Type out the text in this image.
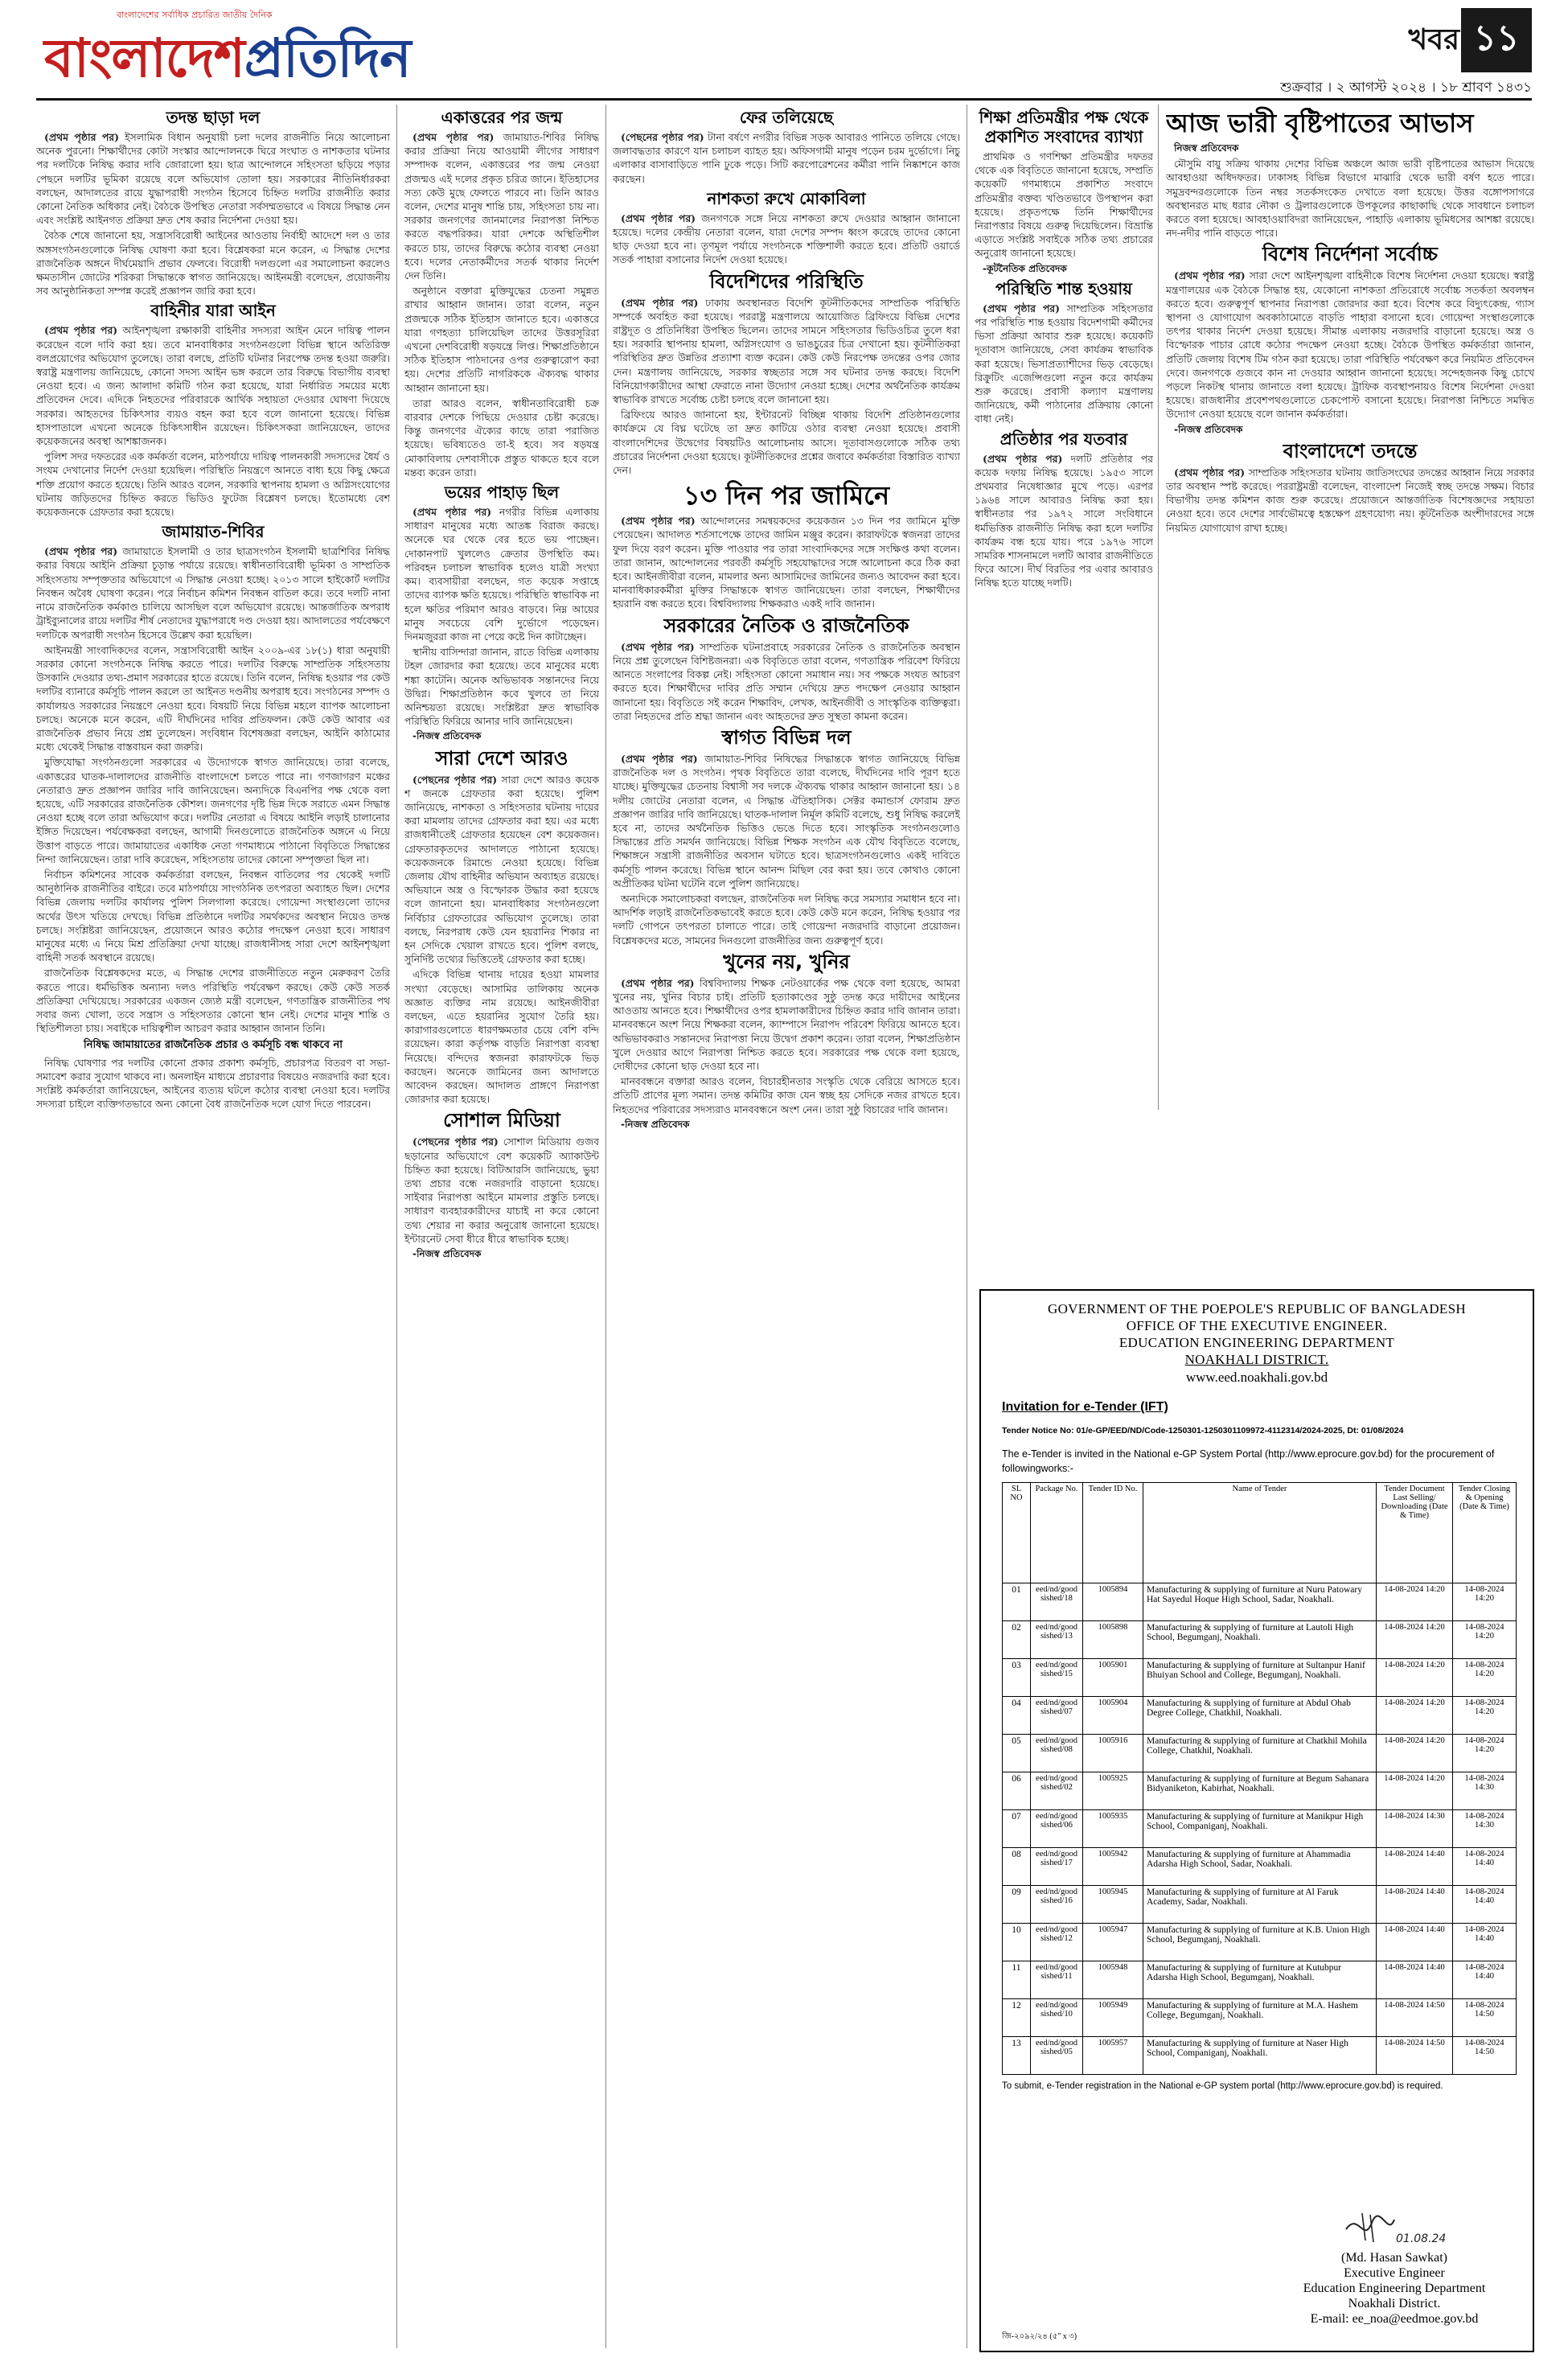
বাংলাদেশের সর্বাধিক প্রচারিত জাতীয় দৈনিক
বাংলাদেশপ্রতিদিন	খবর ১১
শুক্রবার । ২ আগস্ট ২০২৪ । ১৮ শ্রাবণ ১৪৩১
তদন্ত ছাড়া দল

(প্রথম পৃষ্ঠার পর) ইসলামিক বিধান অনুযায়ী চলা দলের রাজনীতি নিয়ে আলোচনা অনেক পুরনো। শিক্ষার্থীদের কোটা সংস্কার আন্দোলনকে ঘিরে সংঘাত ও নাশকতার ঘটনার পর দলটিকে নিষিদ্ধ করার দাবি জোরালো হয়। ছাত্র আন্দোলনে সহিংসতা ছড়িয়ে পড়ার পেছনে দলটির ভূমিকা রয়েছে বলে অভিযোগ তোলা হয়। সরকারের নীতিনির্ধারকরা বলছেন, আদালতের রায়ে যুদ্ধাপরাধী সংগঠন হিসেবে চিহ্নিত দলটির রাজনীতি করার কোনো নৈতিক অধিকার নেই। বৈঠকে উপস্থিত নেতারা সর্বসম্মতভাবে এ বিষয়ে সিদ্ধান্ত নেন এবং সংশ্লিষ্ট আইনগত প্রক্রিয়া দ্রুত শেষ করার নির্দেশনা দেওয়া হয়।

বৈঠক শেষে জানানো হয়, সন্ত্রাসবিরোধী আইনের আওতায় নির্বাহী আদেশে দল ও তার অঙ্গসংগঠনগুলোকে নিষিদ্ধ ঘোষণা করা হবে। বিশ্লেষকরা মনে করেন, এ সিদ্ধান্ত দেশের রাজনৈতিক অঙ্গনে দীর্ঘমেয়াদি প্রভাব ফেলবে। বিরোধী দলগুলো এর সমালোচনা করলেও ক্ষমতাসীন জোটের শরিকরা সিদ্ধান্তকে স্বাগত জানিয়েছে। আইনমন্ত্রী বলেছেন, প্রয়োজনীয় সব আনুষ্ঠানিকতা সম্পন্ন করেই প্রজ্ঞাপন জারি করা হবে।

বাহিনীর যারা আইন

(প্রথম পৃষ্ঠার পর) আইনশৃঙ্খলা রক্ষাকারী বাহিনীর সদস্যরা আইন মেনে দায়িত্ব পালন করেছেন বলে দাবি করা হয়। তবে মানবাধিকার সংগঠনগুলো বিভিন্ন স্থানে অতিরিক্ত বলপ্রয়োগের অভিযোগ তুলেছে। তারা বলছে, প্রতিটি ঘটনার নিরপেক্ষ তদন্ত হওয়া জরুরি। স্বরাষ্ট্র মন্ত্রণালয় জানিয়েছে, কোনো সদস্য আইন ভঙ্গ করলে তার বিরুদ্ধে বিভাগীয় ব্যবস্থা নেওয়া হবে। এ জন্য আলাদা কমিটি গঠন করা হয়েছে, যারা নির্ধারিত সময়ের মধ্যে প্রতিবেদন দেবে। এদিকে নিহতদের পরিবারকে আর্থিক সহায়তা দেওয়ার ঘোষণা দিয়েছে সরকার। আহতদের চিকিৎসার ব্যয়ও বহন করা হবে বলে জানানো হয়েছে। বিভিন্ন হাসপাতালে এখনো অনেকে চিকিৎসাধীন রয়েছেন। চিকিৎসকরা জানিয়েছেন, তাদের কয়েকজনের অবস্থা আশঙ্কাজনক।

পুলিশ সদর দফতরের এক কর্মকর্তা বলেন, মাঠপর্যায়ে দায়িত্ব পালনকারী সদস্যদের ধৈর্য ও সংযম দেখানোর নির্দেশ দেওয়া হয়েছিল। পরিস্থিতি নিয়ন্ত্রণে আনতে বাধ্য হয়ে কিছু ক্ষেত্রে শক্তি প্রয়োগ করতে হয়েছে। তিনি আরও বলেন, সরকারি স্থাপনায় হামলা ও অগ্নিসংযোগের ঘটনায় জড়িতদের চিহ্নিত করতে ভিডিও ফুটেজ বিশ্লেষণ চলছে। ইতোমধ্যে বেশ কয়েকজনকে গ্রেফতার করা হয়েছে।

জামায়াত-শিবির

(প্রথম পৃষ্ঠার পর) জামায়াতে ইসলামী ও তার ছাত্রসংগঠন ইসলামী ছাত্রশিবির নিষিদ্ধ করার বিষয়ে আইনি প্রক্রিয়া চূড়ান্ত পর্যায়ে রয়েছে। স্বাধীনতাবিরোধী ভূমিকা ও সাম্প্রতিক সহিংসতায় সম্পৃক্ততার অভিযোগে এ সিদ্ধান্ত নেওয়া হচ্ছে। ২০১৩ সালে হাইকোর্ট দলটির নিবন্ধন অবৈধ ঘোষণা করেন। পরে নির্বাচন কমিশন নিবন্ধন বাতিল করে। তবে দলটি নানা নামে রাজনৈতিক কর্মকাণ্ড চালিয়ে আসছিল বলে অভিযোগ রয়েছে। আন্তর্জাতিক অপরাধ ট্রাইব্যুনালের রায়ে দলটির শীর্ষ নেতাদের যুদ্ধাপরাধে দণ্ড দেওয়া হয়। আদালতের পর্যবেক্ষণে দলটিকে অপরাধী সংগঠন হিসেবে উল্লেখ করা হয়েছিল।

আইনমন্ত্রী সাংবাদিকদের বলেন, সন্ত্রাসবিরোধী আইন ২০০৯-এর ১৮(১) ধারা অনুযায়ী সরকার কোনো সংগঠনকে নিষিদ্ধ করতে পারে। দলটির বিরুদ্ধে সাম্প্রতিক সহিংসতায় উসকানি দেওয়ার তথ্য-প্রমাণ সরকারের হাতে রয়েছে। তিনি বলেন, নিষিদ্ধ হওয়ার পর কেউ দলটির ব্যানারে কর্মসূচি পালন করলে তা আইনত দণ্ডনীয় অপরাধ হবে। সংগঠনের সম্পদ ও কার্যালয়ও সরকারের নিয়ন্ত্রণে নেওয়া হবে। বিষয়টি নিয়ে বিভিন্ন মহলে ব্যাপক আলোচনা চলছে। অনেকে মনে করেন, এটি দীর্ঘদিনের দাবির প্রতিফলন। কেউ কেউ আবার এর রাজনৈতিক প্রভাব নিয়ে প্রশ্ন তুলেছেন। সংবিধান বিশেষজ্ঞরা বলছেন, আইনি কাঠামোর মধ্যে থেকেই সিদ্ধান্ত বাস্তবায়ন করা জরুরি।

মুক্তিযোদ্ধা সংগঠনগুলো সরকারের এ উদ্যোগকে স্বাগত জানিয়েছে। তারা বলেছে, একাত্তরের ঘাতক-দালালদের রাজনীতি বাংলাদেশে চলতে পারে না। গণজাগরণ মঞ্চের নেতারাও দ্রুত প্রজ্ঞাপন জারির দাবি জানিয়েছেন। অন্যদিকে বিএনপির পক্ষ থেকে বলা হয়েছে, এটি সরকারের রাজনৈতিক কৌশল। জনগণের দৃষ্টি ভিন্ন দিকে সরাতে এমন সিদ্ধান্ত নেওয়া হচ্ছে বলে তারা অভিযোগ করে। দলটির নেতারা এ বিষয়ে আইনি লড়াই চালানোর ইঙ্গিত দিয়েছেন। পর্যবেক্ষকরা বলছেন, আগামী দিনগুলোতে রাজনৈতিক অঙ্গনে এ নিয়ে উত্তাপ বাড়তে পারে। জামায়াতের একাধিক নেতা গণমাধ্যমে পাঠানো বিবৃতিতে সিদ্ধান্তের নিন্দা জানিয়েছেন। তারা দাবি করেছেন, সহিংসতায় তাদের কোনো সম্পৃক্ততা ছিল না।

নির্বাচন কমিশনের সাবেক কর্মকর্তারা বলছেন, নিবন্ধন বাতিলের পর থেকেই দলটি আনুষ্ঠানিক রাজনীতির বাইরে। তবে মাঠপর্যায়ে সাংগঠনিক তৎপরতা অব্যাহত ছিল। দেশের বিভিন্ন জেলায় দলটির কার্যালয় পুলিশ সিলগালা করেছে। গোয়েন্দা সংস্থাগুলো তাদের অর্থের উৎস খতিয়ে দেখছে। বিভিন্ন প্রতিষ্ঠানে দলটির সমর্থকদের অবস্থান নিয়েও তদন্ত চলছে। সংশ্লিষ্টরা জানিয়েছেন, প্রয়োজনে আরও কঠোর পদক্ষেপ নেওয়া হবে। সাধারণ মানুষের মধ্যে এ নিয়ে মিশ্র প্রতিক্রিয়া দেখা যাচ্ছে। রাজধানীসহ সারা দেশে আইনশৃঙ্খলা বাহিনী সতর্ক অবস্থানে রয়েছে।

রাজনৈতিক বিশ্লেষকদের মতে, এ সিদ্ধান্ত দেশের রাজনীতিতে নতুন মেরুকরণ তৈরি করতে পারে। ধর্মভিত্তিক অন্যান্য দলও পরিস্থিতি পর্যবেক্ষণ করছে। কেউ কেউ সতর্ক প্রতিক্রিয়া দেখিয়েছে। সরকারের একজন জ্যেষ্ঠ মন্ত্রী বলেছেন, গণতান্ত্রিক রাজনীতির পথ সবার জন্য খোলা, তবে সন্ত্রাস ও সহিংসতার কোনো স্থান নেই। দেশের মানুষ শান্তি ও স্থিতিশীলতা চায়। সবাইকে দায়িত্বশীল আচরণ করার আহ্বান জানান তিনি।

নিষিদ্ধ জামায়াতের রাজনৈতিক প্রচার ও কর্মসূচি বন্ধ থাকবে না

নিষিদ্ধ ঘোষণার পর দলটির কোনো প্রকার প্রকাশ্য কর্মসূচি, প্রচারপত্র বিতরণ বা সভা-সমাবেশ করার সুযোগ থাকবে না। অনলাইন মাধ্যমে প্রচারণার বিষয়েও নজরদারি করা হবে। সংশ্লিষ্ট কর্মকর্তারা জানিয়েছেন, আইনের ব্যত্যয় ঘটলে কঠোর ব্যবস্থা নেওয়া হবে। দলটির সদস্যরা চাইলে ব্যক্তিগতভাবে অন্য কোনো বৈধ রাজনৈতিক দলে যোগ দিতে পারবেন।

একাত্তরের পর জন্ম

(প্রথম পৃষ্ঠার পর) জামায়াত-শিবির নিষিদ্ধ করার প্রক্রিয়া নিয়ে আওয়ামী লীগের সাধারণ সম্পাদক বলেন, একাত্তরের পর জন্ম নেওয়া প্রজন্মও এই দলের প্রকৃত চরিত্র জানে। ইতিহাসের সত্য কেউ মুছে ফেলতে পারবে না। তিনি আরও বলেন, দেশের মানুষ শান্তি চায়, সহিংসতা চায় না। সরকার জনগণের জানমালের নিরাপত্তা নিশ্চিত করতে বদ্ধপরিকর। যারা দেশকে অস্থিতিশীল করতে চায়, তাদের বিরুদ্ধে কঠোর ব্যবস্থা নেওয়া হবে। দলের নেতাকর্মীদের সতর্ক থাকার নির্দেশ দেন তিনি।

অনুষ্ঠানে বক্তারা মুক্তিযুদ্ধের চেতনা সমুন্নত রাখার আহ্বান জানান। তারা বলেন, নতুন প্রজন্মকে সঠিক ইতিহাস জানাতে হবে। একাত্তরে যারা গণহত্যা চালিয়েছিল তাদের উত্তরসূরিরা এখনো দেশবিরোধী ষড়যন্ত্রে লিপ্ত। শিক্ষাপ্রতিষ্ঠানে সঠিক ইতিহাস পাঠদানের ওপর গুরুত্বারোপ করা হয়। দেশের প্রতিটি নাগরিককে ঐক্যবদ্ধ থাকার আহ্বান জানানো হয়।

তারা আরও বলেন, স্বাধীনতাবিরোধী চক্র বারবার দেশকে পিছিয়ে দেওয়ার চেষ্টা করেছে। কিন্তু জনগণের ঐক্যের কাছে তারা পরাজিত হয়েছে। ভবিষ্যতেও তা-ই হবে। সব ষড়যন্ত্র মোকাবিলায় দেশবাসীকে প্রস্তুত থাকতে হবে বলে মন্তব্য করেন তারা।

ভয়ের পাহাড় ছিল

(প্রথম পৃষ্ঠার পর) নগরীর বিভিন্ন এলাকায় সাধারণ মানুষের মধ্যে আতঙ্ক বিরাজ করছে। অনেকে ঘর থেকে বের হতে ভয় পাচ্ছেন। দোকানপাট খুললেও ক্রেতার উপস্থিতি কম। পরিবহন চলাচল স্বাভাবিক হলেও যাত্রী সংখ্যা কম। ব্যবসায়ীরা বলছেন, গত কয়েক সপ্তাহে তাদের ব্যাপক ক্ষতি হয়েছে। পরিস্থিতি স্বাভাবিক না হলে ক্ষতির পরিমাণ আরও বাড়বে। নিম্ন আয়ের মানুষ সবচেয়ে বেশি দুর্ভোগে পড়েছেন। দিনমজুররা কাজ না পেয়ে কষ্টে দিন কাটাচ্ছেন।

স্থানীয় বাসিন্দারা জানান, রাতে বিভিন্ন এলাকায় টহল জোরদার করা হয়েছে। তবে মানুষের মধ্যে শঙ্কা কাটেনি। অনেক অভিভাবক সন্তানদের নিয়ে উদ্বিগ্ন। শিক্ষাপ্রতিষ্ঠান কবে খুলবে তা নিয়ে অনিশ্চয়তা রয়েছে। সংশ্লিষ্টরা দ্রুত স্বাভাবিক পরিস্থিতি ফিরিয়ে আনার দাবি জানিয়েছেন।

-নিজস্ব প্রতিবেদক

সারা দেশে আরও

(পেছনের পৃষ্ঠার পর) সারা দেশে আরও কয়েক শ জনকে গ্রেফতার করা হয়েছে। পুলিশ জানিয়েছে, নাশকতা ও সহিংসতার ঘটনায় দায়ের করা মামলায় তাদের গ্রেফতার করা হয়। এর মধ্যে রাজধানীতেই গ্রেফতার হয়েছেন বেশ কয়েকজন। গ্রেফতারকৃতদের আদালতে পাঠানো হয়েছে। কয়েকজনকে রিমান্ডে নেওয়া হয়েছে। বিভিন্ন জেলায় যৌথ বাহিনীর অভিযান অব্যাহত রয়েছে। অভিযানে অস্ত্র ও বিস্ফোরক উদ্ধার করা হয়েছে বলে জানানো হয়। মানবাধিকার সংগঠনগুলো নির্বিচার গ্রেফতারের অভিযোগ তুলেছে। তারা বলছে, নিরপরাধ কেউ যেন হয়রানির শিকার না হন সেদিকে খেয়াল রাখতে হবে। পুলিশ বলছে, সুনির্দিষ্ট তথ্যের ভিত্তিতেই গ্রেফতার করা হচ্ছে।

এদিকে বিভিন্ন থানায় দায়ের হওয়া মামলার সংখ্যা বেড়েছে। আসামির তালিকায় অনেক অজ্ঞাত ব্যক্তির নাম রয়েছে। আইনজীবীরা বলছেন, এতে হয়রানির সুযোগ তৈরি হয়। কারাগারগুলোতে ধারণক্ষমতার চেয়ে বেশি বন্দি রয়েছেন। কারা কর্তৃপক্ষ বাড়তি নিরাপত্তা ব্যবস্থা নিয়েছে। বন্দিদের স্বজনরা কারাফটকে ভিড় করছেন। অনেকে জামিনের জন্য আদালতে আবেদন করছেন। আদালত প্রাঙ্গণে নিরাপত্তা জোরদার করা হয়েছে।

সোশাল মিডিয়া

(পেছনের পৃষ্ঠার পর) সোশাল মিডিয়ায় গুজব ছড়ানোর অভিযোগে বেশ কয়েকটি অ্যাকাউন্ট চিহ্নিত করা হয়েছে। বিটিআরসি জানিয়েছে, ভুয়া তথ্য প্রচার বন্ধে নজরদারি বাড়ানো হয়েছে। সাইবার নিরাপত্তা আইনে মামলার প্রস্তুতি চলছে। সাধারণ ব্যবহারকারীদের যাচাই না করে কোনো তথ্য শেয়ার না করার অনুরোধ জানানো হয়েছে। ইন্টারনেট সেবা ধীরে ধীরে স্বাভাবিক হচ্ছে।

-নিজস্ব প্রতিবেদক

ফের তলিয়েছে

(পেছনের পৃষ্ঠার পর) টানা বর্ষণে নগরীর বিভিন্ন সড়ক আবারও পানিতে তলিয়ে গেছে। জলাবদ্ধতার কারণে যান চলাচল ব্যাহত হয়। অফিসগামী মানুষ পড়েন চরম দুর্ভোগে। নিচু এলাকার বাসাবাড়িতে পানি ঢুকে পড়ে। সিটি করপোরেশনের কর্মীরা পানি নিষ্কাশনে কাজ করছেন।

নাশকতা রুখে মোকাবিলা

(প্রথম পৃষ্ঠার পর) জনগণকে সঙ্গে নিয়ে নাশকতা রুখে দেওয়ার আহ্বান জানানো হয়েছে। দলের কেন্দ্রীয় নেতারা বলেন, যারা দেশের সম্পদ ধ্বংস করেছে তাদের কোনো ছাড় দেওয়া হবে না। তৃণমূল পর্যায়ে সংগঠনকে শক্তিশালী করতে হবে। প্রতিটি ওয়ার্ডে সতর্ক পাহারা বসানোর নির্দেশ দেওয়া হয়েছে।

বিদেশিদের পরিস্থিতি

(প্রথম পৃষ্ঠার পর) ঢাকায় অবস্থানরত বিদেশি কূটনীতিকদের সাম্প্রতিক পরিস্থিতি সম্পর্কে অবহিত করা হয়েছে। পররাষ্ট্র মন্ত্রণালয়ে আয়োজিত ব্রিফিংয়ে বিভিন্ন দেশের রাষ্ট্রদূত ও প্রতিনিধিরা উপস্থিত ছিলেন। তাদের সামনে সহিংসতার ভিডিওচিত্র তুলে ধরা হয়। সরকারি স্থাপনায় হামলা, অগ্নিসংযোগ ও ভাঙচুরের চিত্র দেখানো হয়। কূটনীতিকরা পরিস্থিতির দ্রুত উন্নতির প্রত্যাশা ব্যক্ত করেন। কেউ কেউ নিরপেক্ষ তদন্তের ওপর জোর দেন। মন্ত্রণালয় জানিয়েছে, সরকার স্বচ্ছতার সঙ্গে সব ঘটনার তদন্ত করছে। বিদেশি বিনিয়োগকারীদের আস্থা ফেরাতে নানা উদ্যোগ নেওয়া হচ্ছে। দেশের অর্থনৈতিক কার্যক্রম স্বাভাবিক রাখতে সর্বোচ্চ চেষ্টা চলছে বলে জানানো হয়।

ব্রিফিংয়ে আরও জানানো হয়, ইন্টারনেট বিচ্ছিন্ন থাকায় বিদেশি প্রতিষ্ঠানগুলোর কার্যক্রমে যে বিঘ্ন ঘটেছে তা দ্রুত কাটিয়ে ওঠার ব্যবস্থা নেওয়া হয়েছে। প্রবাসী বাংলাদেশিদের উদ্বেগের বিষয়টিও আলোচনায় আসে। দূতাবাসগুলোকে সঠিক তথ্য প্রচারের নির্দেশনা দেওয়া হয়েছে। কূটনীতিকদের প্রশ্নের জবাবে কর্মকর্তারা বিস্তারিত ব্যাখ্যা দেন।

১৩ দিন পর জামিনে

(প্রথম পৃষ্ঠার পর) আন্দোলনের সমন্বয়কদের কয়েকজন ১৩ দিন পর জামিনে মুক্তি পেয়েছেন। আদালত শর্তসাপেক্ষে তাদের জামিন মঞ্জুর করেন। কারাফটকে স্বজনরা তাদের ফুল দিয়ে বরণ করেন। মুক্তি পাওয়ার পর তারা সাংবাদিকদের সঙ্গে সংক্ষিপ্ত কথা বলেন। তারা জানান, আন্দোলনের পরবর্তী কর্মসূচি সহযোদ্ধাদের সঙ্গে আলোচনা করে ঠিক করা হবে। আইনজীবীরা বলেন, মামলার অন্য আসামিদের জামিনের জন্যও আবেদন করা হবে। মানবাধিকারকর্মীরা মুক্তির সিদ্ধান্তকে স্বাগত জানিয়েছেন। তারা বলছেন, শিক্ষার্থীদের হয়রানি বন্ধ করতে হবে। বিশ্ববিদ্যালয় শিক্ষকরাও একই দাবি জানান।

সরকারের নৈতিক ও রাজনৈতিক

(প্রথম পৃষ্ঠার পর) সাম্প্রতিক ঘটনাপ্রবাহে সরকারের নৈতিক ও রাজনৈতিক অবস্থান নিয়ে প্রশ্ন তুলেছেন বিশিষ্টজনরা। এক বিবৃতিতে তারা বলেন, গণতান্ত্রিক পরিবেশ ফিরিয়ে আনতে সংলাপের বিকল্প নেই। সহিংসতা কোনো সমাধান নয়। সব পক্ষকে সংযত আচরণ করতে হবে। শিক্ষার্থীদের দাবির প্রতি সম্মান দেখিয়ে দ্রুত পদক্ষেপ নেওয়ার আহ্বান জানানো হয়। বিবৃতিতে সই করেন শিক্ষাবিদ, লেখক, আইনজীবী ও সাংস্কৃতিক ব্যক্তিত্বরা। তারা নিহতদের প্রতি শ্রদ্ধা জানান এবং আহতদের দ্রুত সুস্থতা কামনা করেন।

স্বাগত বিভিন্ন দল

(প্রথম পৃষ্ঠার পর) জামায়াত-শিবির নিষিদ্ধের সিদ্ধান্তকে স্বাগত জানিয়েছে বিভিন্ন রাজনৈতিক দল ও সংগঠন। পৃথক বিবৃতিতে তারা বলেছে, দীর্ঘদিনের দাবি পূরণ হতে যাচ্ছে। মুক্তিযুদ্ধের চেতনায় বিশ্বাসী সব দলকে ঐক্যবদ্ধ থাকার আহ্বান জানানো হয়। ১৪ দলীয় জোটের নেতারা বলেন, এ সিদ্ধান্ত ঐতিহাসিক। সেক্টর কমান্ডার্স ফোরাম দ্রুত প্রজ্ঞাপন জারির দাবি জানিয়েছে। ঘাতক-দালাল নির্মূল কমিটি বলেছে, শুধু নিষিদ্ধ করলেই হবে না, তাদের অর্থনৈতিক ভিত্তিও ভেঙে দিতে হবে। সাংস্কৃতিক সংগঠনগুলোও সিদ্ধান্তের প্রতি সমর্থন জানিয়েছে। বিভিন্ন শিক্ষক সংগঠন এক যৌথ বিবৃতিতে বলেছে, শিক্ষাঙ্গনে সন্ত্রাসী রাজনীতির অবসান ঘটাতে হবে। ছাত্রসংগঠনগুলোও একই দাবিতে কর্মসূচি পালন করেছে। বিভিন্ন স্থানে আনন্দ মিছিল বের করা হয়। তবে কোথাও কোনো অপ্রীতিকর ঘটনা ঘটেনি বলে পুলিশ জানিয়েছে।

অন্যদিকে সমালোচকরা বলছেন, রাজনৈতিক দল নিষিদ্ধ করে সমস্যার সমাধান হবে না। আদর্শিক লড়াই রাজনৈতিকভাবেই করতে হবে। কেউ কেউ মনে করেন, নিষিদ্ধ হওয়ার পর দলটি গোপনে তৎপরতা চালাতে পারে। তাই গোয়েন্দা নজরদারি বাড়ানো প্রয়োজন। বিশ্লেষকদের মতে, সামনের দিনগুলো রাজনীতির জন্য গুরুত্বপূর্ণ হবে।

খুনের নয়, খুনির

(প্রথম পৃষ্ঠার পর) বিশ্ববিদ্যালয় শিক্ষক নেটওয়ার্কের পক্ষ থেকে বলা হয়েছে, আমরা খুনের নয়, খুনির বিচার চাই। প্রতিটি হত্যাকাণ্ডের সুষ্ঠু তদন্ত করে দায়ীদের আইনের আওতায় আনতে হবে। শিক্ষার্থীদের ওপর হামলাকারীদের চিহ্নিত করার দাবি জানান তারা। মানববন্ধনে অংশ নিয়ে শিক্ষকরা বলেন, ক্যাম্পাসে নিরাপদ পরিবেশ ফিরিয়ে আনতে হবে। অভিভাবকরাও সন্তানদের নিরাপত্তা নিয়ে উদ্বেগ প্রকাশ করেন। তারা বলেন, শিক্ষাপ্রতিষ্ঠান খুলে দেওয়ার আগে নিরাপত্তা নিশ্চিত করতে হবে। সরকারের পক্ষ থেকে বলা হয়েছে, দোষীদের কোনো ছাড় দেওয়া হবে না।

মানববন্ধনে বক্তারা আরও বলেন, বিচারহীনতার সংস্কৃতি থেকে বেরিয়ে আসতে হবে। প্রতিটি প্রাণের মূল্য সমান। তদন্ত কমিটির কাজ যেন স্বচ্ছ হয় সেদিকে নজর রাখতে হবে। নিহতদের পরিবারের সদস্যরাও মানববন্ধনে অংশ নেন। তারা সুষ্ঠু বিচারের দাবি জানান।

-নিজস্ব প্রতিবেদক

শিক্ষা প্রতিমন্ত্রীর পক্ষ থেকে প্রকাশিত সংবাদের ব্যাখ্যা

প্রাথমিক ও গণশিক্ষা প্রতিমন্ত্রীর দফতর থেকে এক বিবৃতিতে জানানো হয়েছে, সম্প্রতি কয়েকটি গণমাধ্যমে প্রকাশিত সংবাদে প্রতিমন্ত্রীর বক্তব্য খণ্ডিতভাবে উপস্থাপন করা হয়েছে। প্রকৃতপক্ষে তিনি শিক্ষার্থীদের নিরাপত্তার বিষয়ে গুরুত্ব দিয়েছিলেন। বিভ্রান্তি এড়াতে সংশ্লিষ্ট সবাইকে সঠিক তথ্য প্রচারের অনুরোধ জানানো হয়েছে।

-কূটনৈতিক প্রতিবেদক

পরিস্থিতি শান্ত হওয়ায়

(প্রথম পৃষ্ঠার পর) সাম্প্রতিক সহিংসতার পর পরিস্থিতি শান্ত হওয়ায় বিদেশগামী কর্মীদের ভিসা প্রক্রিয়া আবার শুরু হয়েছে। কয়েকটি দূতাবাস জানিয়েছে, সেবা কার্যক্রম স্বাভাবিক করা হয়েছে। ভিসাপ্রত্যাশীদের ভিড় বেড়েছে। রিক্রুটিং এজেন্সিগুলো নতুন করে কার্যক্রম শুরু করেছে। প্রবাসী কল্যাণ মন্ত্রণালয় জানিয়েছে, কর্মী পাঠানোর প্রক্রিয়ায় কোনো বাধা নেই।

প্রতিষ্ঠার পর যতবার

(প্রথম পৃষ্ঠার পর) দলটি প্রতিষ্ঠার পর কয়েক দফায় নিষিদ্ধ হয়েছে। ১৯৫৩ সালে প্রথমবার নিষেধাজ্ঞার মুখে পড়ে। এরপর ১৯৬৪ সালে আবারও নিষিদ্ধ করা হয়। স্বাধীনতার পর ১৯৭২ সালে সংবিধানে ধর্মভিত্তিক রাজনীতি নিষিদ্ধ করা হলে দলটির কার্যক্রম বন্ধ হয়ে যায়। পরে ১৯৭৬ সালে সামরিক শাসনামলে দলটি আবার রাজনীতিতে ফিরে আসে। দীর্ঘ বিরতির পর এবার আবারও নিষিদ্ধ হতে যাচ্ছে দলটি।

আজ ভারী বৃষ্টিপাতের আভাস

নিজস্ব প্রতিবেদক

মৌসুমি বায়ু সক্রিয় থাকায় দেশের বিভিন্ন অঞ্চলে আজ ভারী বৃষ্টিপাতের আভাস দিয়েছে আবহাওয়া অধিদফতর। ঢাকাসহ বিভিন্ন বিভাগে মাঝারি থেকে ভারী বর্ষণ হতে পারে। সমুদ্রবন্দরগুলোকে তিন নম্বর সতর্কসংকেত দেখাতে বলা হয়েছে। উত্তর বঙ্গোপসাগরে অবস্থানরত মাছ ধরার নৌকা ও ট্রলারগুলোকে উপকূলের কাছাকাছি থেকে সাবধানে চলাচল করতে বলা হয়েছে। আবহাওয়াবিদরা জানিয়েছেন, পাহাড়ি এলাকায় ভূমিধসের আশঙ্কা রয়েছে। নদ-নদীর পানি বাড়তে পারে।

বিশেষ নির্দেশনা সর্বোচ্চ

(প্রথম পৃষ্ঠার পর) সারা দেশে আইনশৃঙ্খলা বাহিনীকে বিশেষ নির্দেশনা দেওয়া হয়েছে। স্বরাষ্ট্র মন্ত্রণালয়ের এক বৈঠকে সিদ্ধান্ত হয়, যেকোনো নাশকতা প্রতিরোধে সর্বোচ্চ সতর্কতা অবলম্বন করতে হবে। গুরুত্বপূর্ণ স্থাপনার নিরাপত্তা জোরদার করা হবে। বিশেষ করে বিদ্যুৎকেন্দ্র, গ্যাস স্থাপনা ও যোগাযোগ অবকাঠামোতে বাড়তি পাহারা বসানো হবে। গোয়েন্দা সংস্থাগুলোকে তৎপর থাকার নির্দেশ দেওয়া হয়েছে। সীমান্ত এলাকায় নজরদারি বাড়ানো হয়েছে। অস্ত্র ও বিস্ফোরক পাচার রোধে কঠোর পদক্ষেপ নেওয়া হচ্ছে। বৈঠকে উপস্থিত কর্মকর্তারা জানান, প্রতিটি জেলায় বিশেষ টিম গঠন করা হয়েছে। তারা পরিস্থিতি পর্যবেক্ষণ করে নিয়মিত প্রতিবেদন দেবে। জনগণকে গুজবে কান না দেওয়ার আহ্বান জানানো হয়েছে। সন্দেহজনক কিছু চোখে পড়লে নিকটস্থ থানায় জানাতে বলা হয়েছে। ট্রাফিক ব্যবস্থাপনায়ও বিশেষ নির্দেশনা দেওয়া হয়েছে। রাজধানীর প্রবেশপথগুলোতে চেকপোস্ট বসানো হয়েছে। নিরাপত্তা নিশ্চিতে সমন্বিত উদ্যোগ নেওয়া হয়েছে বলে জানান কর্মকর্তারা।

-নিজস্ব প্রতিবেদক

বাংলাদেশে তদন্তে

(প্রথম পৃষ্ঠার পর) সাম্প্রতিক সহিংসতার ঘটনায় জাতিসংঘের তদন্তের আহ্বান নিয়ে সরকার তার অবস্থান স্পষ্ট করেছে। পররাষ্ট্রমন্ত্রী বলেছেন, বাংলাদেশ নিজেই স্বচ্ছ তদন্তে সক্ষম। বিচার বিভাগীয় তদন্ত কমিশন কাজ শুরু করেছে। প্রয়োজনে আন্তর্জাতিক বিশেষজ্ঞদের সহায়তা নেওয়া হবে। তবে দেশের সার্বভৌমত্বে হস্তক্ষেপ গ্রহণযোগ্য নয়। কূটনৈতিক অংশীদারদের সঙ্গে নিয়মিত যোগাযোগ রাখা হচ্ছে।

GOVERNMENT OF THE POEPOLE'S REPUBLIC OF BANGLADESH
OFFICE OF THE EXECUTIVE ENGINEER.
EDUCATION ENGINEERING DEPARTMENT
NOAKHALI DISTRICT.
www.eed.noakhali.gov.bd
Invitation for e-Tender (IFT)
Tender Notice No: 01/e-GP/EED/ND/Code-1250301-1250301109972-4112314/2024-2025, Dt: 01/08/2024
The e-Tender is invited in the National e-GP System Portal (http://www.eprocure.gov.bd) for the procurement of followingworks:-
SL NO	Package No.	Tender ID No.	Name of Tender	Tender Document Last Selling/ Downloading (Date & Time)	Tender Closing & Opening (Date & Time)
01	eed/nd/good sished/18	1005894	Manufacturing & supplying of furniture at Nuru Patowary Hat Sayedul Hoque High School, Sadar, Noakhali.	14-08-2024 14:20	14-08-2024 14:20
02	eed/nd/good sished/13	1005898	Manufacturing & supplying of furniture at Lautoli High School, Begumganj, Noakhali.	14-08-2024 14:20	14-08-2024 14:20
03	eed/nd/good sished/15	1005901	Manufacturing & supplying of furniture at Sultanpur Hanif Bhuiyan School and College, Begumganj, Noakhali.	14-08-2024 14:20	14-08-2024 14:20
04	eed/nd/good sished/07	1005904	Manufacturing & supplying of furniture at Abdul Ohab Degree College, Chatkhil, Noakhali.	14-08-2024 14:20	14-08-2024 14:20
05	eed/nd/good sished/08	1005916	Manufacturing & supplying of furniture at Chatkhil Mohila College, Chatkhil, Noakhali.	14-08-2024 14:20	14-08-2024 14:20
06	eed/nd/good sished/02	1005925	Manufacturing & supplying of furniture at Begum Sahanara Bidyaniketon, Kabirhat, Noakhali.	14-08-2024 14:20	14-08-2024 14:30
07	eed/nd/good sished/06	1005935	Manufacturing & supplying of furniture at Manikpur High School, Companiganj, Noakhali.	14-08-2024 14:30	14-08-2024 14:30
08	eed/nd/good sished/17	1005942	Manufacturing & supplying of furniture at Ahammadia Adarsha High School, Sadar, Noakhali.	14-08-2024 14:40	14-08-2024 14:40
09	eed/nd/good sished/16	1005945	Manufacturing & supplying of furniture at Al Faruk Academy, Sadar, Noakhali.	14-08-2024 14:40	14-08-2024 14:40
10	eed/nd/good sished/12	1005947	Manufacturing & supplying of furniture at K.B. Union High School, Begumganj, Noakhali.	14-08-2024 14:40	14-08-2024 14:40
11	eed/nd/good sished/11	1005948	Manufacturing & supplying of furniture at Kutubpur Adarsha High School, Begumganj, Noakhali.	14-08-2024 14:40	14-08-2024 14:40
12	eed/nd/good sished/10	1005949	Manufacturing & supplying of furniture at M.A. Hashem College, Begumganj, Noakhali.	14-08-2024 14:50	14-08-2024 14:50
13	eed/nd/good sished/05	1005957	Manufacturing & supplying of furniture at Naser High School, Companiganj, Noakhali.	14-08-2024 14:50	14-08-2024 14:50
To submit, e-Tender registration in the National e-GP system portal (http://www.eprocure.gov.bd) is required.
01.08.24
(Md. Hasan Sawkat)
Executive Engineer
Education Engineering Department
Noakhali District.
E-mail: ee_noa@eedmoe.gov.bd
জি-২০৯২/২৪ (৫" x ৩)
